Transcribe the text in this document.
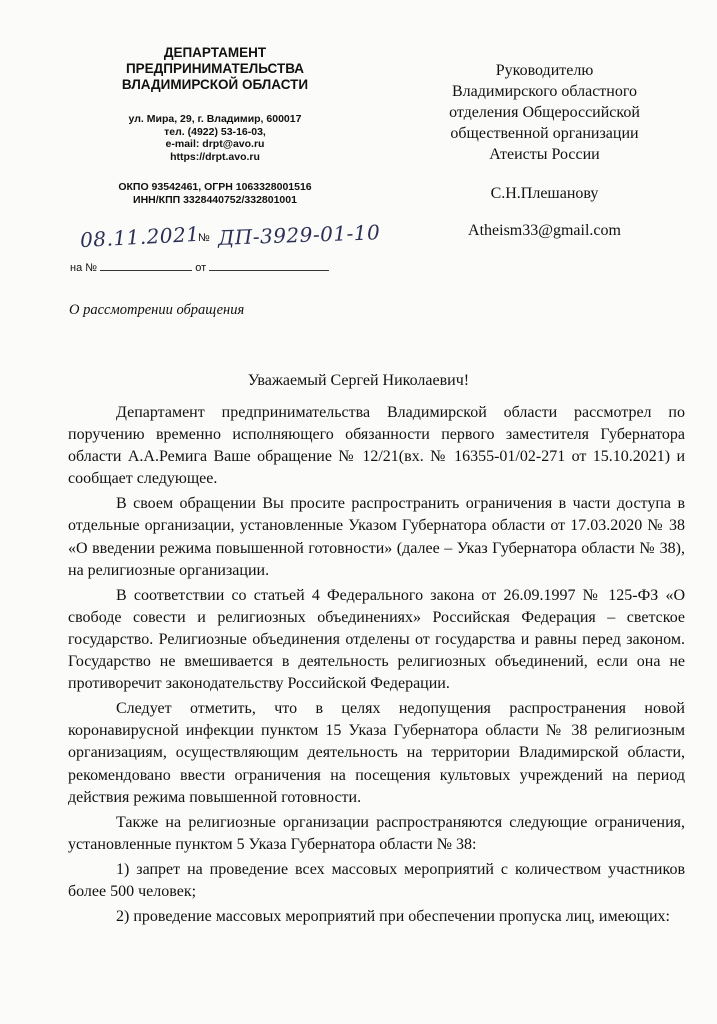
ДЕПАРТАМЕНТ
ПРЕДПРИНИМАТЕЛЬСТВА
ВЛАДИМИРСКОЙ ОБЛАСТИ
ул. Мира, 29, г. Владимир, 600017
тел. (4922) 53-16-03,
e-mail: drpt@avo.ru
https://drpt.avo.ru
ОКПО 93542461, ОГРН 1063328001516
ИНН/КПП 3328440752/332801001
08.11.2021
№ ДП-3929-01-10
на №	от
О рассмотрении обращения
Руководителю
Владимирского областного
отделения Общероссийской
общественной организации
Атеисты России
С.Н.Плешанову
Atheism33@gmail.com
Уважаемый Сергей Николаевич!

Департамент предпринимательства Владимирской области рассмотрел по поручению временно исполняющего обязанности первого заместителя Губернатора области А.А.Ремига Ваше обращение № 12/21(вх. № 16355-01/02-271 от 15.10.2021) и сообщает следующее.

В своем обращении Вы просите распространить ограничения в части доступа в отдельные организации, установленные Указом Губернатора области от 17.03.2020 № 38 «О введении режима повышенной готовности» (далее – Указ Губернатора области № 38), на религиозные организации.

В соответствии со статьей 4 Федерального закона от 26.09.1997 № 125-ФЗ «О свободе совести и религиозных объединениях» Российская Федерация – светское государство. Религиозные объединения отделены от государства и равны перед законом. Государство не вмешивается в деятельность религиозных объединений, если она не противоречит законодательству Российской Федерации.

Следует отметить, что в целях недопущения распространения новой коронавирусной инфекции пунктом 15 Указа Губернатора области № 38 религиозным организациям, осуществляющим деятельность на территории Владимирской области, рекомендовано ввести ограничения на посещения культовых учреждений на период действия режима повышенной готовности.

Также на религиозные организации распространяются следующие ограничения, установленные пунктом 5 Указа Губернатора области № 38:

1) запрет на проведение всех массовых мероприятий с количеством участников более 500 человек;

2) проведение массовых мероприятий при обеспечении пропуска лиц, имеющих:
